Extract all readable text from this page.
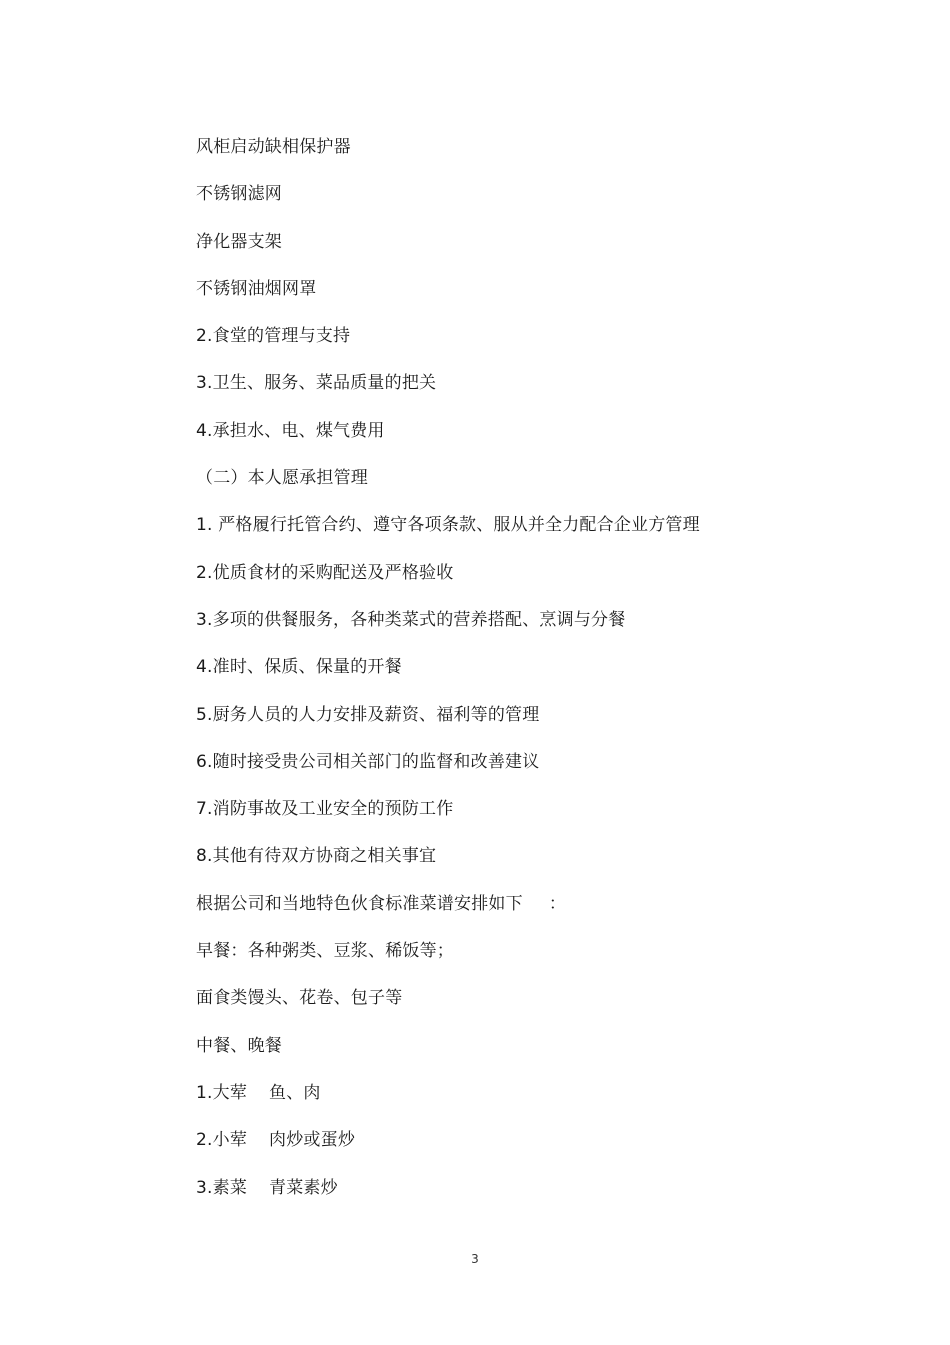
风柜启动缺相保护器
不锈钢滤网
净化器支架
不锈钢油烟网罩
2.食堂的管理与支持
3.卫生、服务、菜品质量的把关
4.承担水、电、煤气费用
（二）本人愿承担管理
1. 严格履行托管合约、遵守各项条款、服从并全力配合企业方管理
2.优质食材的采购配送及严格验收
3.多项的供餐服务，各种类菜式的营养搭配、烹调与分餐
4.准时、保质、保量的开餐
5.厨务人员的人力安排及薪资、福利等的管理
6.随时接受贵公司相关部门的监督和改善建议
7.消防事故及工业安全的预防工作
8.其他有待双方协商之相关事宜
根据公司和当地特色伙食标准菜谱安排如下 ：
早餐：各种粥类、豆浆、稀饭等；
面食类馒头、花卷、包子等
中餐、晚餐
1.大荤 鱼、肉
2.小荤 肉炒或蛋炒
3.素菜 青菜素炒
3
